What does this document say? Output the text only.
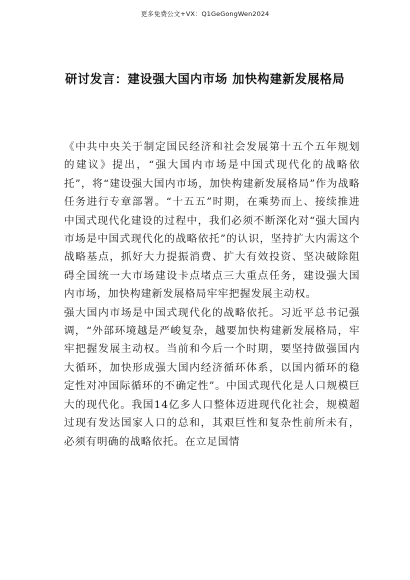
更多免费公文+VX：Q1GeGongWen2024
研讨发言：建设强大国内市场 加快构建新发展格局

《中共中央关于制定国民经济和社会发展第十五个五年规划的建议》提出，“强大国内市场是中国式现代化的战略依托”，将“建设强大国内市场，加快构建新发展格局”作为战略任务进行专章部署。“十五五”时期，在乘势而上、接续推进中国式现代化建设的过程中，我们必须不断深化对“强大国内市场是中国式现代化的战略依托”的认识，坚持扩大内需这个战略基点，抓好大力提振消费、扩大有效投资、坚决破除阻碍全国统一大市场建设卡点堵点三大重点任务，建设强大国内市场，加快构建新发展格局牢牢把握发展主动权。

强大国内市场是中国式现代化的战略依托。习近平总书记强调，“外部环境越是严峻复杂，越要加快构建新发展格局，牢牢把握发展主动权。当前和今后一个时期，要坚持做强国内大循环，加快形成强大国内经济循环体系，以国内循环的稳定性对冲国际循环的不确定性”。中国式现代化是人口规模巨大的现代化。我国14亿多人口整体迈进现代化社会，规模超过现有发达国家人口的总和，其艰巨性和复杂性前所未有，必须有明确的战略依托。在立足国情
